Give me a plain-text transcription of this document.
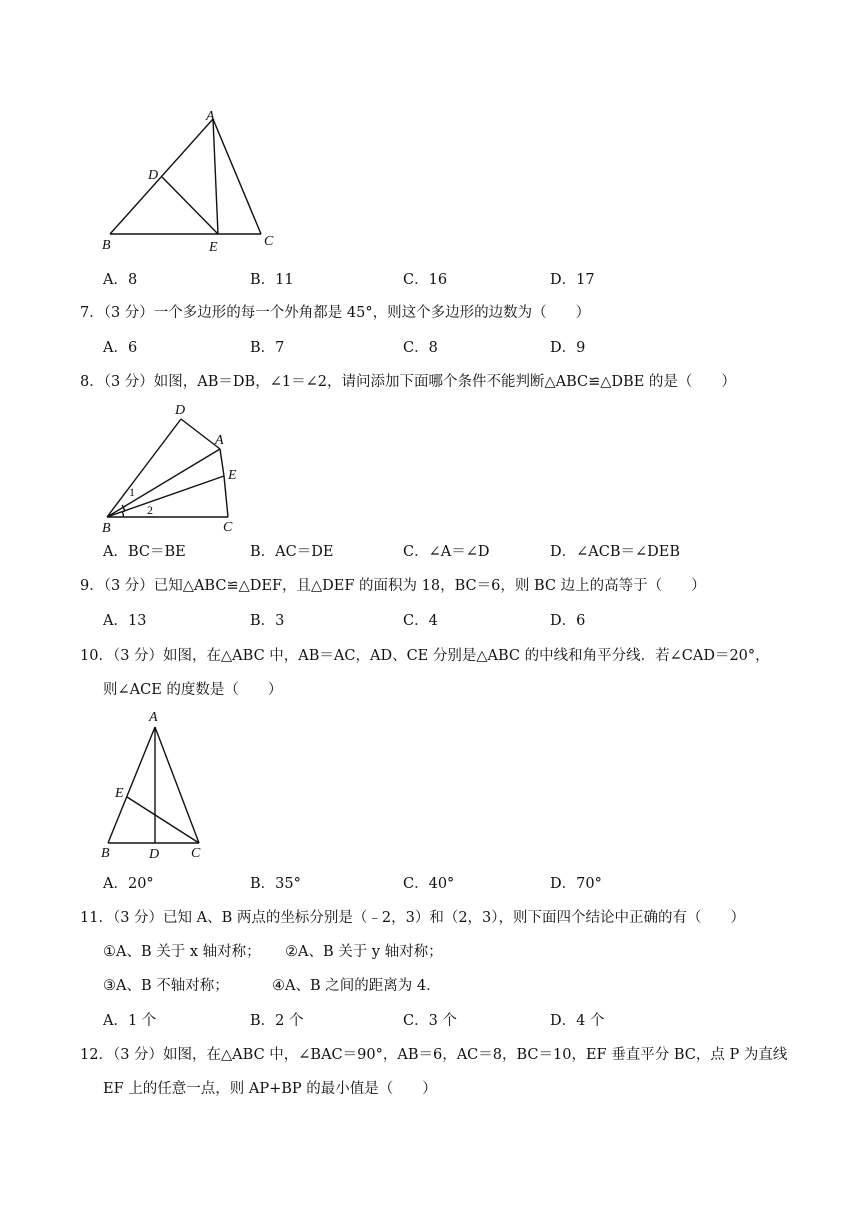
A
D
B	E	C
A．8	B．11	C．16	D．17
7．（3 分）一个多边形的每一个外角都是 45°，则这个多边形的边数为（　　）
A．6	B．7	C．8	D．9
8．（3 分）如图，AB＝DB，∠1＝∠2，请问添加下面哪个条件不能判断△ABC≌△DBE 的是（　　）
D
A
E
B	C
1
2
A．BC＝BE	B．AC＝DE	C．∠A＝∠D	D．∠ACB＝∠DEB
9．（3 分）已知△ABC≌△DEF，且△DEF 的面积为 18，BC＝6，则 BC 边上的高等于（　　）
A．13	B．3	C．4	D．6
10．（3 分）如图，在△ABC 中，AB＝AC，AD、CE 分别是△ABC 的中线和角平分线．若∠CAD＝20°，
则∠ACE 的度数是（　　）
A
E
B	D C
A．20°	B．35°	C．40°	D．70°
11．（3 分）已知 A、B 两点的坐标分别是（﹣2，3）和（2，3），则下面四个结论中正确的有（　　）
①A、B 关于 x 轴对称； ②A、B 关于 y 轴对称；
③A、B 不轴对称；	④A、B 之间的距离为 4．
A．1 个	B．2 个	C．3 个	D．4 个
12．（3 分）如图，在△ABC 中，∠BAC＝90°，AB＝6，AC＝8，BC＝10，EF 垂直平分 BC，点 P 为直线
EF 上的任意一点，则 AP+BP 的最小值是（　　）
